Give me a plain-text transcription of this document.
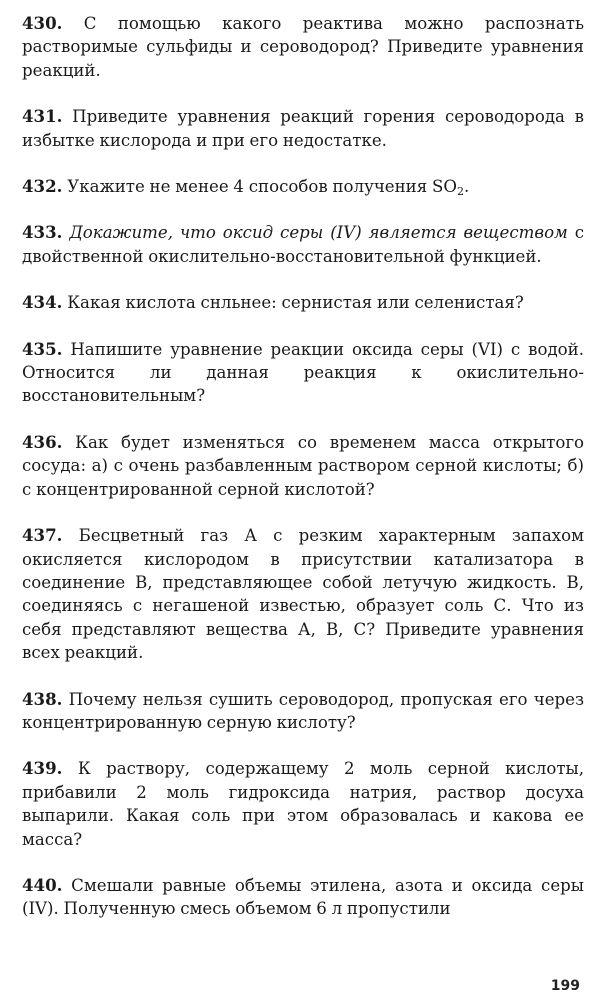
430. С помощью какого реактива можно распознать растворимые сульфиды и сероводород? Приведите уравнения реакций.

431. Приведите уравнения реакций горения сероводорода в избытке кислорода и при его недостатке.

432. Укажите не менее 4 способов получения $SO_2$.

433. Докажите, что оксид серы (IV) является веществом с двойственной окислительно-восстановительной функцией.

434. Какая кислота снльнее: сернистая или селенистая?

435. Напишите уравнение реакции оксида серы (VI) с водой. Относится ли данная реакция к окислительно-восстановительным?

436. Как будет изменяться со временем масса открытого сосуда: а) с очень разбавленным раствором серной кислоты; б) с концентрированной серной кислотой?

437. Бесцветный газ А с резким характерным запахом окисляется кислородом в присутствии катализатора в соединение В, представляющее собой летучую жидкость. В, соединяясь с негашеной известью, образует соль С. Что из себя представляют вещества А, В, С? Приведите уравнения всех реакций.

438. Почему нельзя сушить сероводород, пропуская его через концентрированную серную кислоту?

439. К раствору, содержащему 2 моль серной кислоты, прибавили 2 моль гидроксида натрия, раствор досуха выпарили. Какая соль при этом образовалась и какова ее масса?

440. Смешали равные объемы этилена, азота и оксида серы (IV). Полученную смесь объемом 6 л пропустили

199
